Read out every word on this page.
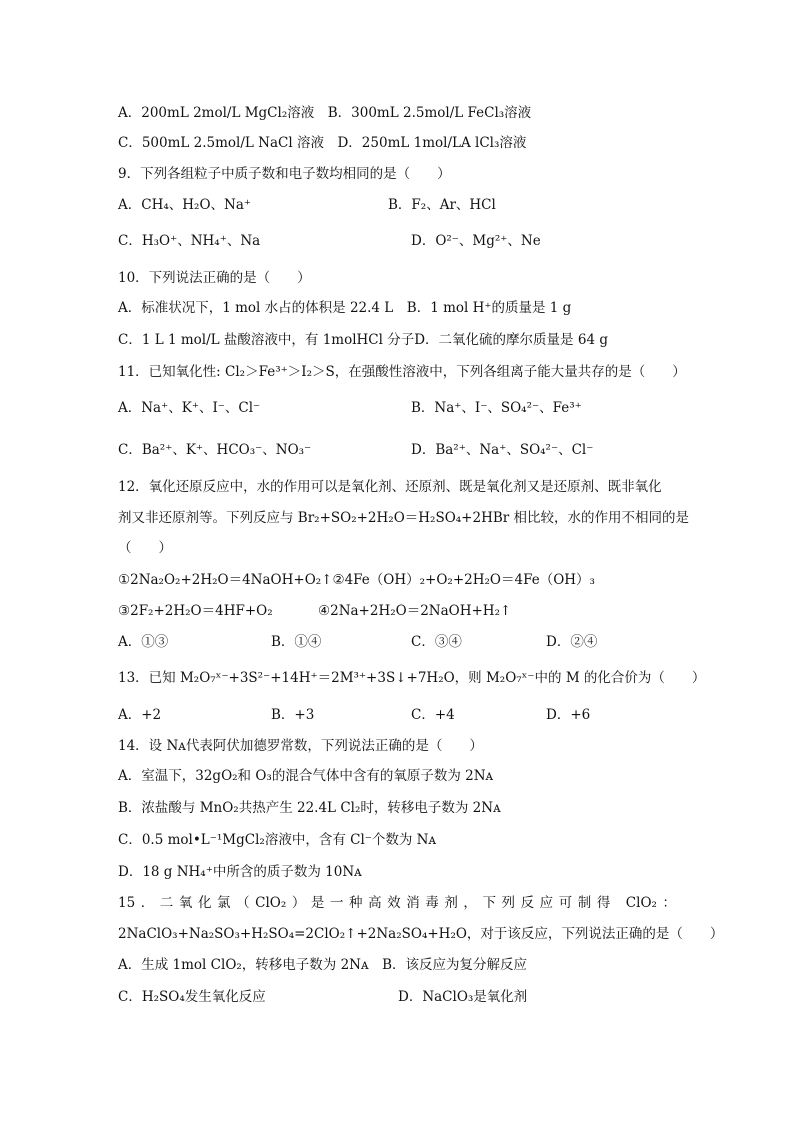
A．200mL 2mol/L MgCl₂溶液　B．300mL 2.5mol/L FeCl₃溶液
C．500mL 2.5mol/L NaCl 溶液　D．250mL 1mol/LA lCl₃溶液
9．下列各组粒子中质子数和电子数均相同的是（　　）
A．CH₄、H₂O、Na⁺	B．F₂、Ar、HCl
C．H₃O⁺、NH₄⁺、Na	D．O²⁻、Mg²⁺、Ne
10．下列说法正确的是（　　）
A．标准状况下，1 mol 水占的体积是 22.4 L　B．1 mol H⁺的质量是 1 g
C．1 L 1 mol/L 盐酸溶液中，有 1molHCl 分子D．二氧化硫的摩尔质量是 64 g
11．已知氧化性: Cl₂＞Fe³⁺＞I₂＞S，在强酸性溶液中，下列各组离子能大量共存的是（　　）
A．Na⁺、K⁺、I⁻、Cl⁻	B．Na⁺、I⁻、SO₄²⁻、Fe³⁺
C．Ba²⁺、K⁺、HCO₃⁻、NO₃⁻	D．Ba²⁺、Na⁺、SO₄²⁻、Cl⁻
12．氧化还原反应中，水的作用可以是氧化剂、还原剂、既是氧化剂又是还原剂、既非氧化
剂又非还原剂等。下列反应与 Br₂+SO₂+2H₂O＝H₂SO₄+2HBr 相比较，水的作用不相同的是
（　　）
①2Na₂O₂+2H₂O＝4NaOH+O₂↑②4Fe（OH）₂+O₂+2H₂O＝4Fe（OH）₃
③2F₂+2H₂O＝4HF+O₂	④2Na+2H₂O＝2NaOH+H₂↑
A．①③	B．①④	C．③④	D．②④
13．已知 M₂O₇ˣ⁻+3S²⁻+14H⁺＝2M³⁺+3S↓+7H₂O，则 M₂O₇ˣ⁻中的 M 的化合价为（　　）
A．+2	B．+3	C．+4	D．+6
14．设 Nᴀ代表阿伏加德罗常数，下列说法正确的是（　　）
A．室温下，32gO₂和 O₃的混合气体中含有的氧原子数为 2Nᴀ
B．浓盐酸与 MnO₂共热产生 22.4L Cl₂时，转移电子数为 2Nᴀ
C．0.5 mol•L⁻¹MgCl₂溶液中，含有 Cl⁻个数为 Nᴀ
D．18 g NH₄⁺中所含的质子数为 10Nᴀ
15．二氧化氯（ClO₂）是一种高效消毒剂，下列反应可制得 ClO₂：
2NaClO₃+Na₂SO₃+H₂SO₄=2ClO₂↑+2Na₂SO₄+H₂O，对于该反应，下列说法正确的是（　　）
A．生成 1mol ClO₂，转移电子数为 2Nᴀ　B．该反应为复分解反应
C．H₂SO₄发生氧化反应	D．NaClO₃是氧化剂
